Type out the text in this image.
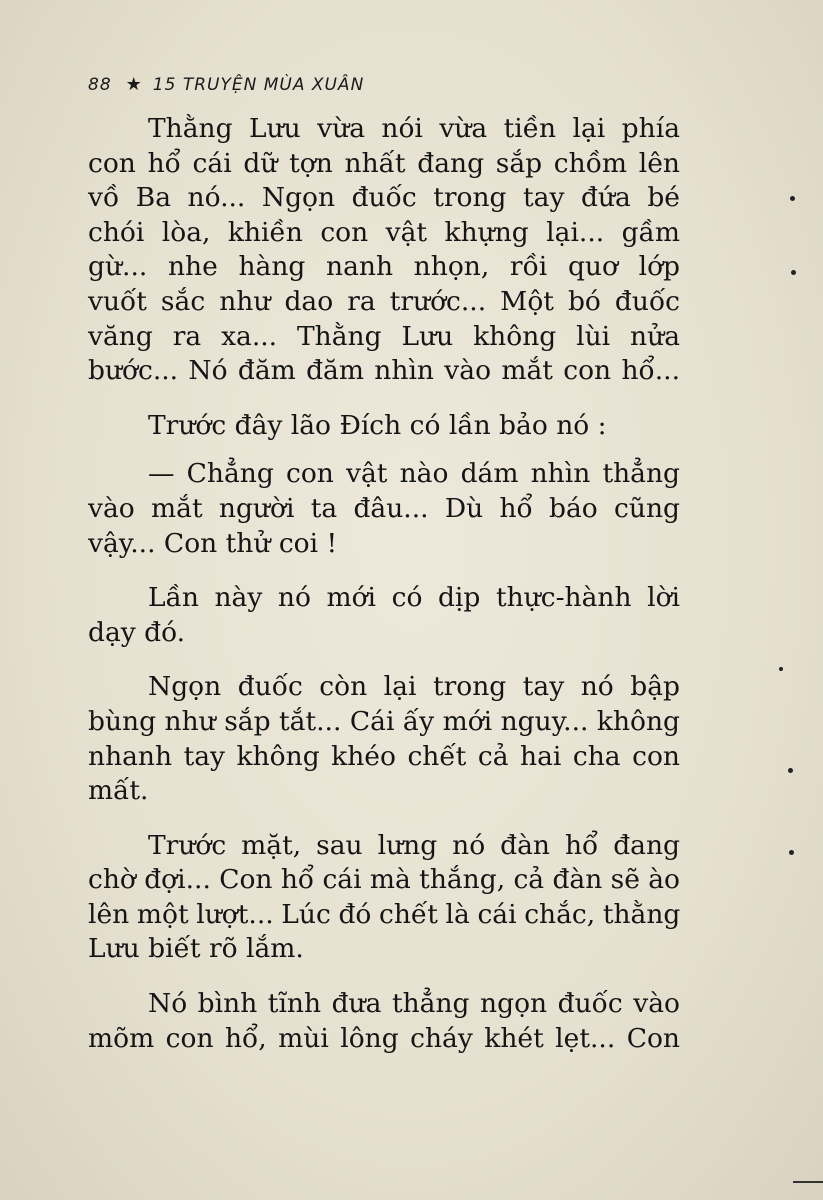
88 ★ 15 TRUYỆN MÙA XUÂN
Thằng Lưu vừa nói vừa tiền lại phía
con hổ cái dữ tợn nhất đang sắp chồm lên
vồ Ba nó... Ngọn đuốc trong tay đứa bé
chói lòa, khiền con vật khựng lại... gầm
gừ... nhe hàng nanh nhọn, rồi quơ lớp
vuốt sắc như dao ra trước... Một bó đuốc
văng ra xa... Thằng Lưu không lùi nửa
bước... Nó đăm đăm nhìn vào mắt con hổ...
Trước đây lão Đích có lần bảo nó :
— Chẳng con vật nào dám nhìn thẳng
vào mắt người ta đâu... Dù hổ báo cũng
vậy... Con thử coi !
Lần này nó mới có dịp thực-hành lời
dạy đó.
Ngọn đuốc còn lại trong tay nó bập
bùng như sắp tắt... Cái ấy mới nguy... không
nhanh tay không khéo chết cả hai cha con
mất.
Trước mặt, sau lưng nó đàn hổ đang
chờ đợi... Con hổ cái mà thắng, cả đàn sẽ ào
lên một lượt... Lúc đó chết là cái chắc, thằng
Lưu biết rõ lắm.
Nó bình tĩnh đưa thẳng ngọn đuốc vào
mõm con hổ, mùi lông cháy khét lẹt... Con
